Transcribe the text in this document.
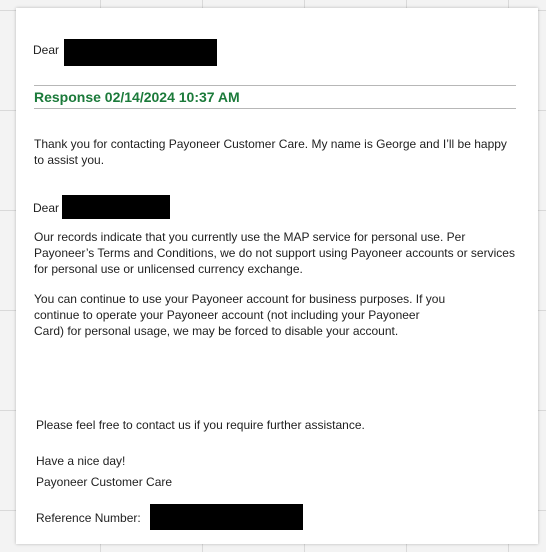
Dear
Response 02/14/2024 10:37 AM
Thank you for contacting Payoneer Customer Care. My name is George and I’ll be happy to assist you.
Dear
Our records indicate that you currently use the MAP service for personal use. Per Payoneer’s Terms and Conditions, we do not support using Payoneer accounts or services for personal use or unlicensed currency exchange.
You can continue to use your Payoneer account for business purposes. If you
continue to operate your Payoneer account (not including your Payoneer
Card) for personal usage, we may be forced to disable your account.
Please feel free to contact us if you require further assistance.
Have a nice day!
Payoneer Customer Care
Reference Number:
